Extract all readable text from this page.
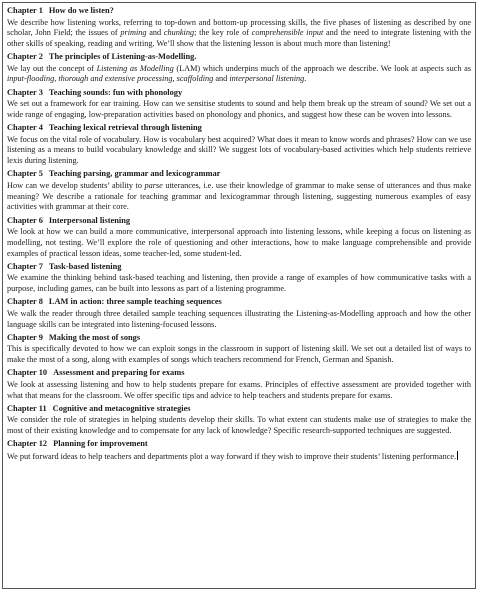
Chapter 1 How do we listen?
We describe how listening works, referring to top-down and bottom-up processing skills, the five phases of listening as described by one scholar, John Field; the issues of priming and chunking; the key role of comprehensible input and the need to integrate listening with the other skills of speaking, reading and writing. We’ll show that the listening lesson is about much more than listening!
Chapter 2 The principles of Listening-as-Modelling.
We lay out the concept of Listening as Modelling (LAM) which underpins much of the approach we describe. We look at aspects such as input-flooding, thorough and extensive processing, scaffolding and interpersonal listening.
Chapter 3 Teaching sounds: fun with phonology
We set out a framework for ear training. How can we sensitise students to sound and help them break up the stream of sound? We set out a wide range of engaging, low-preparation activities based on phonology and phonics, and suggest how these can be woven into lessons.
Chapter 4 Teaching lexical retrieval through listening
We focus on the vital role of vocabulary. How is vocabulary best acquired? What does it mean to know words and phrases? How can we use listening as a means to build vocabulary knowledge and skill? We suggest lots of vocabulary-based activities which help students retrieve lexis during listening.
Chapter 5 Teaching parsing, grammar and lexicogrammar
How can we develop students’ ability to parse utterances, i.e. use their knowledge of grammar to make sense of utterances and thus make meaning? We describe a rationale for teaching grammar and lexicogrammar through listening, suggesting numerous examples of easy activities with grammar at their core.
Chapter 6 Interpersonal listening
We look at how we can build a more communicative, interpersonal approach into listening lessons, while keeping a focus on listening as modelling, not testing. We’ll explore the role of questioning and other interactions, how to make language comprehensible and provide examples of practical lesson ideas, some teacher-led, some student-led.
Chapter 7 Task-based listening
We examine the thinking behind task-based teaching and listening, then provide a range of examples of how communicative tasks with a purpose, including games, can be built into lessons as part of a listening programme.
Chapter 8 LAM in action: three sample teaching sequences
We walk the reader through three detailed sample teaching sequences illustrating the Listening-as-Modelling approach and how the other language skills can be integrated into listening-focused lessons.
Chapter 9 Making the most of songs
This is specifically devoted to how we can exploit songs in the classroom in support of listening skill. We set out a detailed list of ways to make the most of a song, along with examples of songs which teachers recommend for French, German and Spanish.
Chapter 10 Assessment and preparing for exams
We look at assessing listening and how to help students prepare for exams. Principles of effective assessment are provided together with what that means for the classroom. We offer specific tips and advice to help teachers and students prepare for exams.
Chapter 11 Cognitive and metacognitive strategies
We consider the role of strategies in helping students develop their skills. To what extent can students make use of strategies to make the most of their existing knowledge and to compensate for any lack of knowledge? Specific research-supported techniques are suggested.
Chapter 12 Planning for improvement
We put forward ideas to help teachers and departments plot a way forward if they wish to improve their students’ listening performance.
